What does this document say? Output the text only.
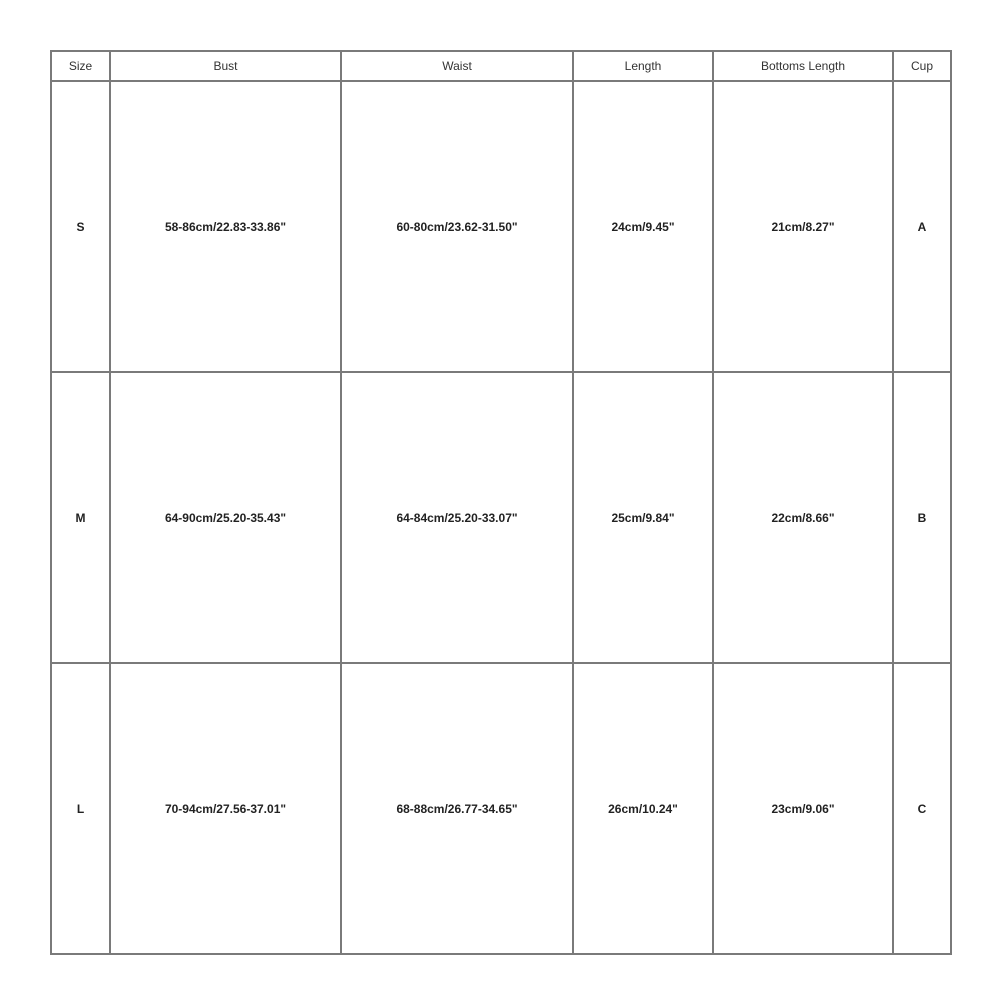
Size	Bust	Waist	Length	Bottoms Length	Cup
S	58-86cm/22.83-33.86"	60-80cm/23.62-31.50"	24cm/9.45"	21cm/8.27"	A
M	64-90cm/25.20-35.43"	64-84cm/25.20-33.07"	25cm/9.84"	22cm/8.66"	B
L	70-94cm/27.56-37.01"	68-88cm/26.77-34.65"	26cm/10.24"	23cm/9.06"	C
